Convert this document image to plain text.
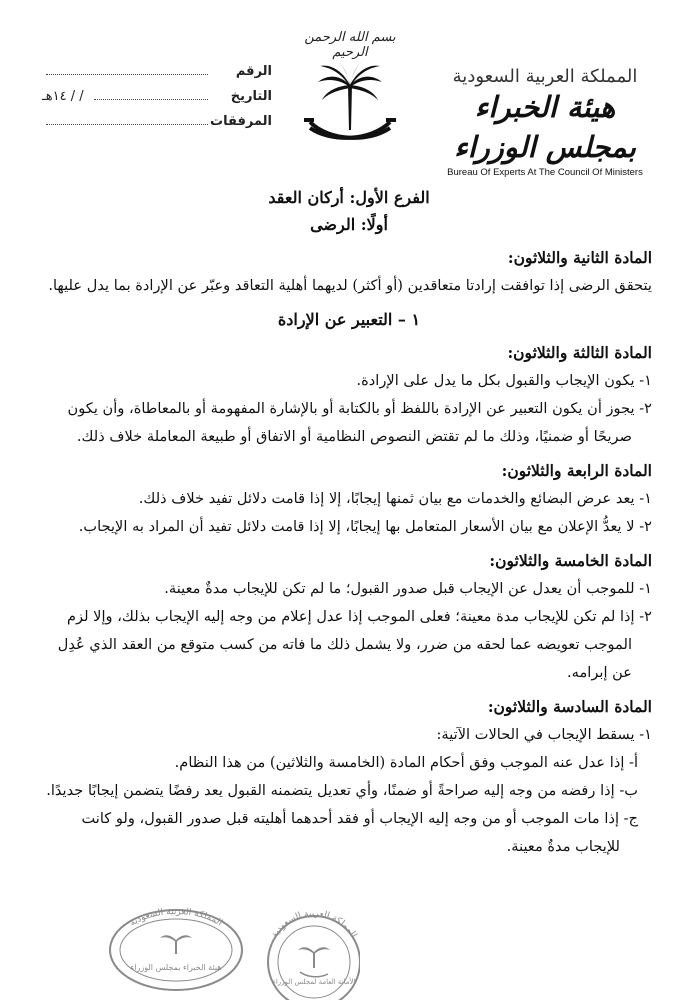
الرقم
التاريخ
/ / ١٤هـ
المرفقات
بسم الله الرحمن الرحيم
المملكة العربية السعودية
هيئة الخبراء بمجلس الوزراء
Bureau Of Experts At The Council Of Ministers
الفرع الأول: أركان العقد
أولًا: الرضى
المادة الثانية والثلاثون:
يتحقق الرضى إذا توافقت إرادتا متعاقدين (أو أكثر) لديهما أهلية التعاقد وعبّر عن الإرادة بما يدل عليها.
١ – التعبير عن الإرادة
المادة الثالثة والثلاثون:
١- يكون الإيجاب والقبول بكل ما يدل على الإرادة.
٢- يجوز أن يكون التعبير عن الإرادة باللفظ أو بالكتابة أو بالإشارة المفهومة أو بالمعاطاة، وأن يكون صريحًا أو ضمنيًا، وذلك ما لم تقتض النصوص النظامية أو الاتفاق أو طبيعة المعاملة خلاف ذلك.
المادة الرابعة والثلاثون:
١- يعد عرض البضائع والخدمات مع بيان ثمنها إيجابًا، إلا إذا قامت دلائل تفيد خلاف ذلك.
٢- لا يعدُّ الإعلان مع بيان الأسعار المتعامل بها إيجابًا، إلا إذا قامت دلائل تفيد أن المراد به الإيجاب.
المادة الخامسة والثلاثون:
١- للموجب أن يعدل عن الإيجاب قبل صدور القبول؛ ما لم تكن للإيجاب مدةٌ معينة.
٢- إذا لم تكن للإيجاب مدة معينة؛ فعلى الموجب إذا عدل إعلام من وجه إليه الإيجاب بذلك، وإلا لزم الموجب تعويضه عما لحقه من ضرر، ولا يشمل ذلك ما فاته من كسب متوقع من العقد الذي عُدِل عن إبرامه.
المادة السادسة والثلاثون:
١- يسقط الإيجاب في الحالات الآتية:
أ- إذا عدل عنه الموجب وفق أحكام المادة (الخامسة والثلاثين) من هذا النظام.
ب- إذا رفضه من وجه إليه صراحةً أو ضمنًا، وأي تعديل يتضمنه القبول يعد رفضًا يتضمن إيجابًا جديدًا.
ج- إذا مات الموجب أو من وجه إليه الإيجاب أو فقد أحدهما أهليته قبل صدور القبول، ولو كانت للإيجاب مدةٌ معينة.
المملكة العربية السعودية
هيئة الخبراء بمجلس الوزراء
المملكة العربية السعودية
الأمانة العامة لمجلس الوزراء
